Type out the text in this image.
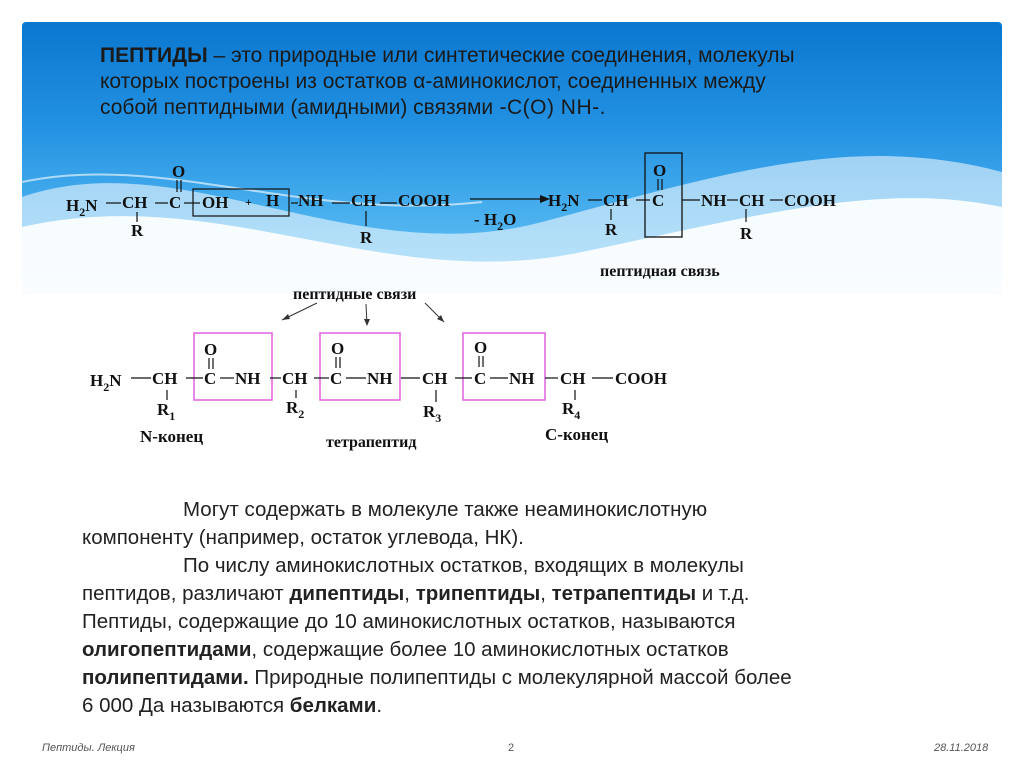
ПЕПТИДЫ – это природные или синтетические соединения, молекулы
которых построены из остатков α-аминокислот, соединенных между
собой пептидными (амидными) связями -C(O) NH-.
$H_2N$ CH C
O
R
OH + H NH CH COOH
R
- $H_2O$
$H_2N$ CH C
O
NH CH COOH
R	R
пептидная связь
пептидные связи
$H_2N$ CH
$R_1$
C
O
NH CH
$R_2$
C
O
NH CH
$R_3$
C
O
NH CH COOH
$R_4$
N-конец	тетрапептид	C-конец

Могут содержать в молекуле также неаминокислотную

компоненту (например, остаток углевода, НК).

По числу аминокислотных остатков, входящих в молекулы

пептидов, различают дипептиды, трипептиды, тетрапептиды и т.д.

Пептиды, содержащие до 10 аминокислотных остатков, называются

олигопептидами, содержащие более 10 аминокислотных остатков

полипептидами. Природные полипептиды с молекулярной массой более

6 000 Да называются белками.

Пептиды. Лекция	2	28.11.2018
